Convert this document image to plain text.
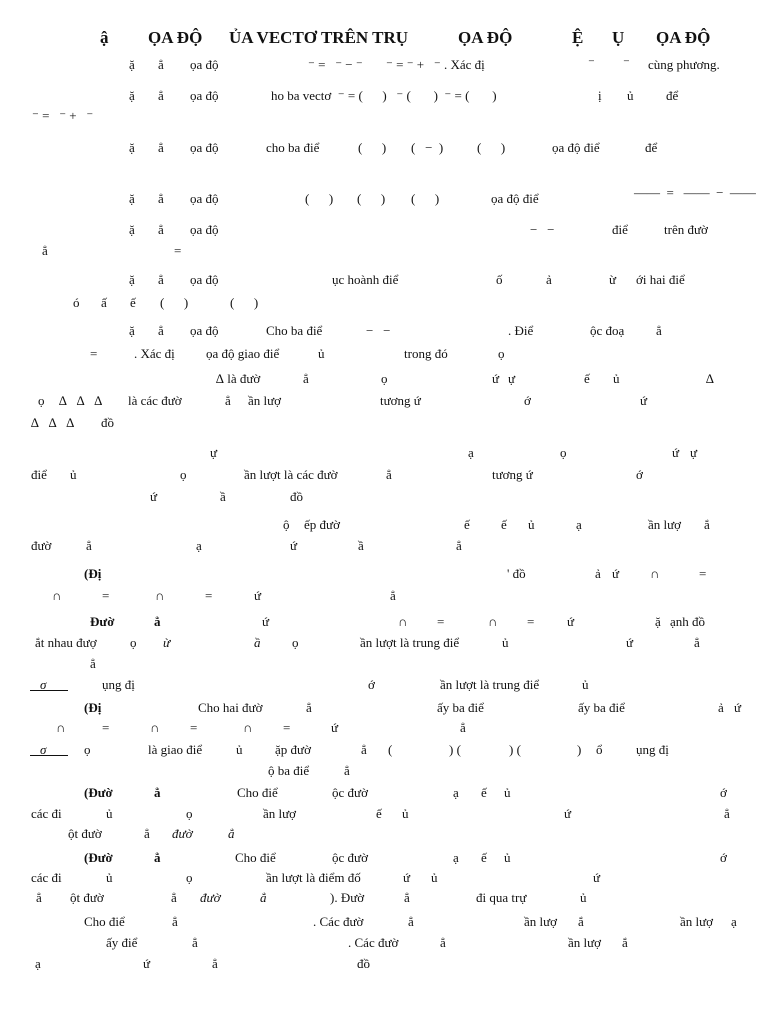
ậ ỌA ĐỘ ỦA VECTƠ TRÊN TRỤ	ỌA ĐỘ	Ệ Ụ ỌA ĐỘ
ặ ẳ ọa độ	⁻ =   ⁻ − ⁻ ⁻ = ⁻ +   ⁻ . Xác đị	⁻ ⁻ cùng phương.
ặ ẳ ọa độ	ho ba vectơ  ⁻ = (      )   ⁻ (       )  ⁻ = (       )	ị ủ	để
⁻ =   ⁻ +   ⁻
ặ ẳ ọa độ	cho ba điể	(      ) (   −  )	(      )	ọa độ điể	để
ặ ẳ ọa độ	(      ) (      ) (      )	ọa độ điể	——  =   ——  −  ——
ặ ẳ ọa độ	−   −	điể	trên đườ
ẳ	=
ặ ẳ ọa độ	ục hoành điể	ố	ả	ừ ới hai điể
ó ấ ế (      )	(      )
ặ ẳ ọa độ	Cho ba điể	−   −	. Điể	ộc đoạ ẳ
=	. Xác đị ọa độ giao điể	ủ	trong đó	ọ
∆ là đườ	ẳ	ọ	ứ ự	ế ủ	∆
ọ ∆   ∆   ∆ là các đườ	ẳ ần lượ	tương ứ	ớ	ứ
∆   ∆   ∆ đồ
ự	ạ	ọ	ứ ự
điể ủ	ọ	ần lượt là các đườ	ẳ	tương ứ	ớ
ứ	ầ	đồ
ộ ếp đườ	ế ế ủ	ạ	ần lượ ắ
đườ	ẳ	ạ	ứ	ầ	ẳ
(Đị	' đồ	ả ứ ∩	=
∩	=	∩	=	ứ	ẳ
Đườ	ẳ	ứ	∩ =	∩ =	ứ	ặ ạnh đồ
ắt nhau đượ	ọ ừ	ầ ọ	ần lượt là trung điể	ủ	ứ	ẳ
ẳ
σ	ụng đị	ớ	ần lượt là trung điể	ủ
(Đị	Cho hai đườ	ẳ	ấy ba điể	ấy ba điể	ả ứ
∩	=	∩ =	∩ =	ứ	ẳ
σ	ọ	là giao điể	ủ	ặp đườ	ẳ (	) (	) (	) ổ	ụng đị
ộ ba điể	ẳ
(Đườ	ẳ	Cho điể	ộc đườ	ạ ế ủ	ớ
các đi	ủ	ọ	ần lượ	ế ủ	ứ	ẳ
ột đườ	ẳ đườ	ẳ
(Đườ	ẳ	Cho điể	ộc đườ	ạ ế ủ	ớ
các đi	ủ	ọ	ần lượt là điểm đố	ứ ủ	ứ
ẳ ột đườ	ẳ đườ	ẳ	). Đườ	ẳ	đi qua trự	ủ
Cho điể	ẳ	. Các đườ	ẳ	ần lượ ắ	ần lượ ạ
ấy điể	ẳ	. Các đườ	ẳ	ần lượ ắ
ạ	ứ	ẳ	đồ
